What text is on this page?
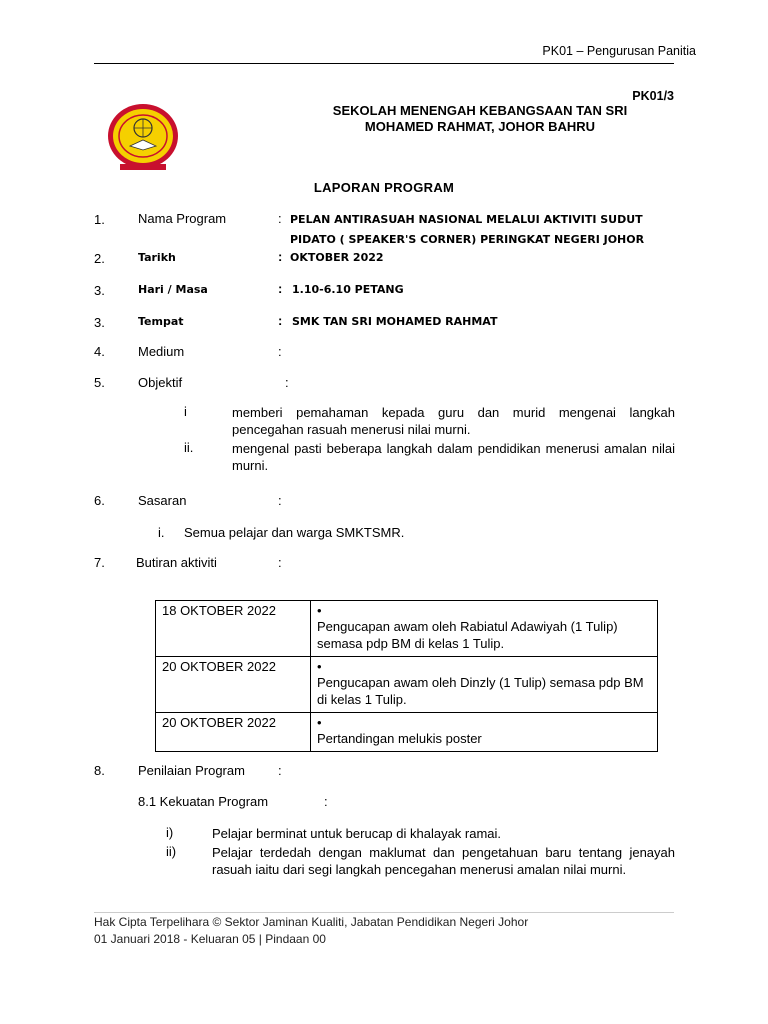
PK01 – Pengurusan Panitia
PK01/3
SEKOLAH MENENGAH KEBANGSAAN TAN SRI
MOHAMED RAHMAT, JOHOR BAHRU
LAPORAN PROGRAM
1.	Nama Program	: PELAN ANTIRASUAH NASIONAL MELALUI AKTIVITI SUDUT
PIDATO ( SPEAKER'S CORNER) PERINGKAT NEGERI JOHOR
2.	Tarikh	: OKTOBER 2022
3.	Hari / Masa	: 1.10-6.10 PETANG
3.	Tempat	: SMK TAN SRI MOHAMED RAHMAT
4.	Medium	:
5.	Objektif	:
i	memberi pemahaman kepada guru dan murid mengenai langkah pencegahan rasuah menerusi nilai murni.
ii.	mengenal pasti beberapa langkah dalam pendidikan menerusi amalan nilai murni.
6.	Sasaran	:
i. Semua pelajar dan warga SMKTSMR.
7.	Butiran aktiviti	:
18 OKTOBER 2022	•Pengucapan awam oleh Rabiatul Adawiyah (1 Tulip) semasa pdp BM di kelas 1 Tulip.
20 OKTOBER 2022	•Pengucapan awam oleh Dinzly (1 Tulip) semasa pdp BM di kelas 1 Tulip.
20 OKTOBER 2022	•Pertandingan melukis poster
8.	Penilaian Program	:
8.1 Kekuatan Program	:
i)	Pelajar berminat untuk berucap di khalayak ramai.
ii)	Pelajar terdedah dengan maklumat dan pengetahuan baru tentang jenayah rasuah iaitu dari segi langkah pencegahan menerusi amalan nilai murni.
Hak Cipta Terpelihara © Sektor Jaminan Kualiti, Jabatan Pendidikan Negeri Johor
01 Januari 2018 - Keluaran 05 | Pindaan 00
